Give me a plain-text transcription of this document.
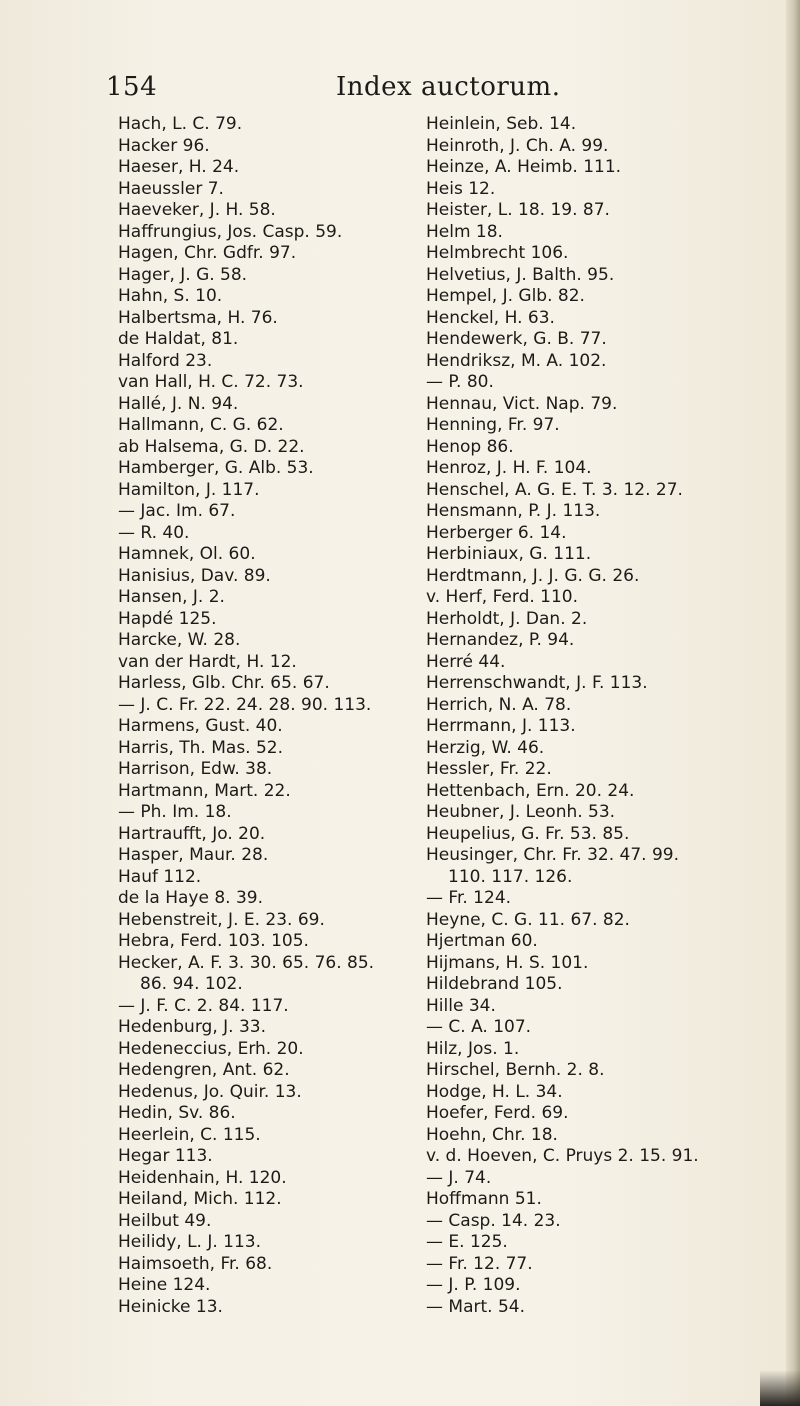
154	Index auctorum.
Hach, L. C. 79.
Hacker 96.
Haeser, H. 24.
Haeussler 7.
Haeveker, J. H. 58.
Haffrungius, Jos. Casp. 59.
Hagen, Chr. Gdfr. 97.
Hager, J. G. 58.
Hahn, S. 10.
Halbertsma, H. 76.
de Haldat, 81.
Halford 23.
van Hall, H. C. 72. 73.
Hallé, J. N. 94.
Hallmann, C. G. 62.
ab Halsema, G. D. 22.
Hamberger, G. Alb. 53.
Hamilton, J. 117.
— Jac. Im. 67.
— R. 40.
Hamnek, Ol. 60.
Hanisius, Dav. 89.
Hansen, J. 2.
Hapdé 125.
Harcke, W. 28.
van der Hardt, H. 12.
Harless, Glb. Chr. 65. 67.
— J. C. Fr. 22. 24. 28. 90. 113.
Harmens, Gust. 40.
Harris, Th. Mas. 52.
Harrison, Edw. 38.
Hartmann, Mart. 22.
— Ph. Im. 18.
Hartraufft, Jo. 20.
Hasper, Maur. 28.
Hauf 112.
de la Haye 8. 39.
Hebenstreit, J. E. 23. 69.
Hebra, Ferd. 103. 105.
Hecker, A. F. 3. 30. 65. 76. 85.
86. 94. 102.
— J. F. C. 2. 84. 117.
Hedenburg, J. 33.
Hedeneccius, Erh. 20.
Hedengren, Ant. 62.
Hedenus, Jo. Quir. 13.
Hedin, Sv. 86.
Heerlein, C. 115.
Hegar 113.
Heidenhain, H. 120.
Heiland, Mich. 112.
Heilbut 49.
Heilidy, L. J. 113.
Haimsoeth, Fr. 68.
Heine 124.
Heinicke 13.
Heinlein, Seb. 14.
Heinroth, J. Ch. A. 99.
Heinze, A. Heimb. 111.
Heis 12.
Heister, L. 18. 19. 87.
Helm 18.
Helmbrecht 106.
Helvetius, J. Balth. 95.
Hempel, J. Glb. 82.
Henckel, H. 63.
Hendewerk, G. B. 77.
Hendriksz, M. A. 102.
— P. 80.
Hennau, Vict. Nap. 79.
Henning, Fr. 97.
Henop 86.
Henroz, J. H. F. 104.
Henschel, A. G. E. T. 3. 12. 27.
Hensmann, P. J. 113.
Herberger 6. 14.
Herbiniaux, G. 111.
Herdtmann, J. J. G. G. 26.
v. Herf, Ferd. 110.
Herholdt, J. Dan. 2.
Hernandez, P. 94.
Herré 44.
Herrenschwandt, J. F. 113.
Herrich, N. A. 78.
Herrmann, J. 113.
Herzig, W. 46.
Hessler, Fr. 22.
Hettenbach, Ern. 20. 24.
Heubner, J. Leonh. 53.
Heupelius, G. Fr. 53. 85.
Heusinger, Chr. Fr. 32. 47. 99.
110. 117. 126.
— Fr. 124.
Heyne, C. G. 11. 67. 82.
Hjertman 60.
Hijmans, H. S. 101.
Hildebrand 105.
Hille 34.
— C. A. 107.
Hilz, Jos. 1.
Hirschel, Bernh. 2. 8.
Hodge, H. L. 34.
Hoefer, Ferd. 69.
Hoehn, Chr. 18.
v. d. Hoeven, C. Pruys 2. 15. 91.
— J. 74.
Hoffmann 51.
— Casp. 14. 23.
— E. 125.
— Fr. 12. 77.
— J. P. 109.
— Mart. 54.
